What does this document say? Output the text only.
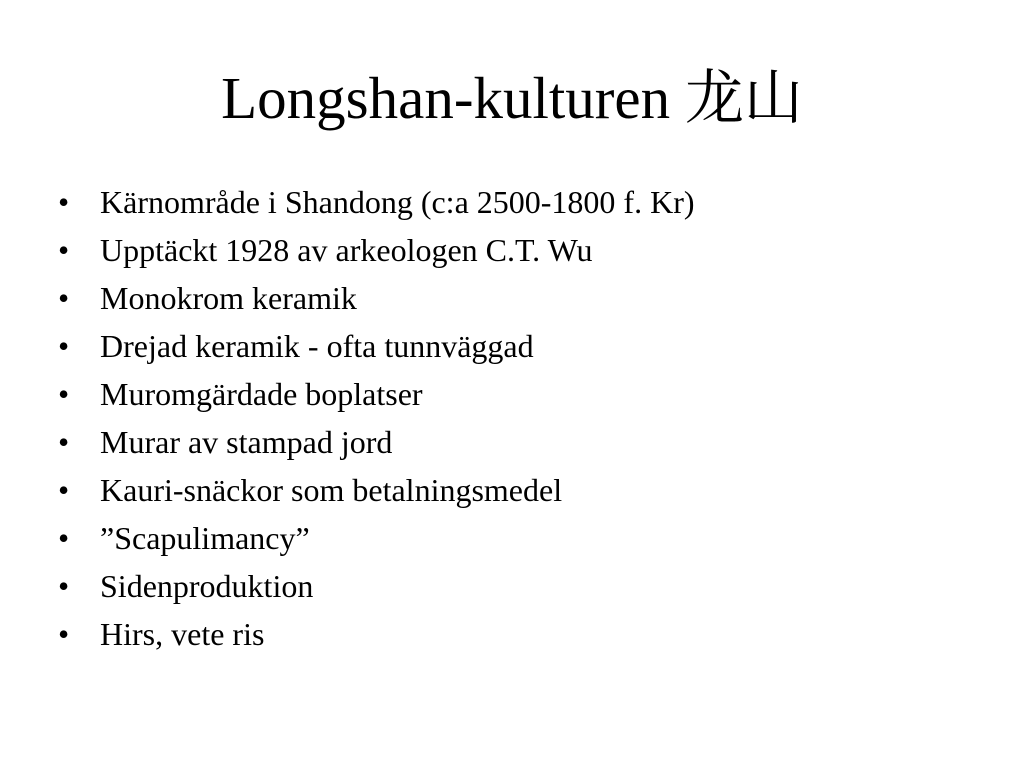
Longshan-kulturen 龙山
• Kärnområde i Shandong (c:a 2500-1800 f. Kr)
• Upptäckt 1928 av arkeologen C.T. Wu
• Monokrom keramik
• Drejad keramik - ofta tunnväggad
• Muromgärdade boplatser
• Murar av stampad jord
• Kauri-snäckor som betalningsmedel
• ”Scapulimancy”
• Sidenproduktion
• Hirs, vete ris
